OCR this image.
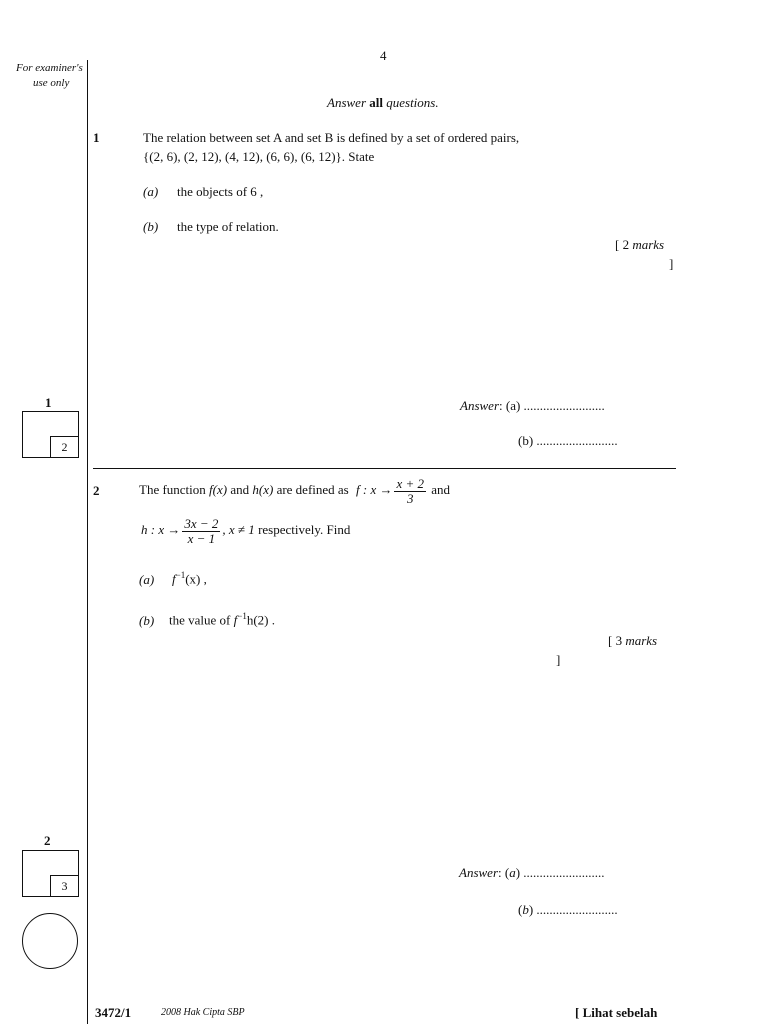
4
For examiner's
use only
Answer all questions.
1	The relation between set A and set B is defined by a set of ordered pairs,
{(2, 6), (2, 12), (4, 12), (6, 6), (6, 12)}. State
(a) the objects of 6 ,
(b) the type of relation.
[ 2 marks
]
Answer: (a) .........................
(b) .........................
1
2
2	The function f(x) and h(x) are defined as f : $x \to \frac{x + 2}{3}$ and
h : $x \to \frac{3x - 2}{x - 1}$ , x ≠ 1 respectively. Find
(a) $f^{-1}(x)$ ,
(b) the value of $f^{-1}h(2)$ .
[ 3 marks
]
Answer: (a) .........................
(b) .........................
2
3
3472/1	2008 Hak Cipta SBP	[ Lihat sebelah
